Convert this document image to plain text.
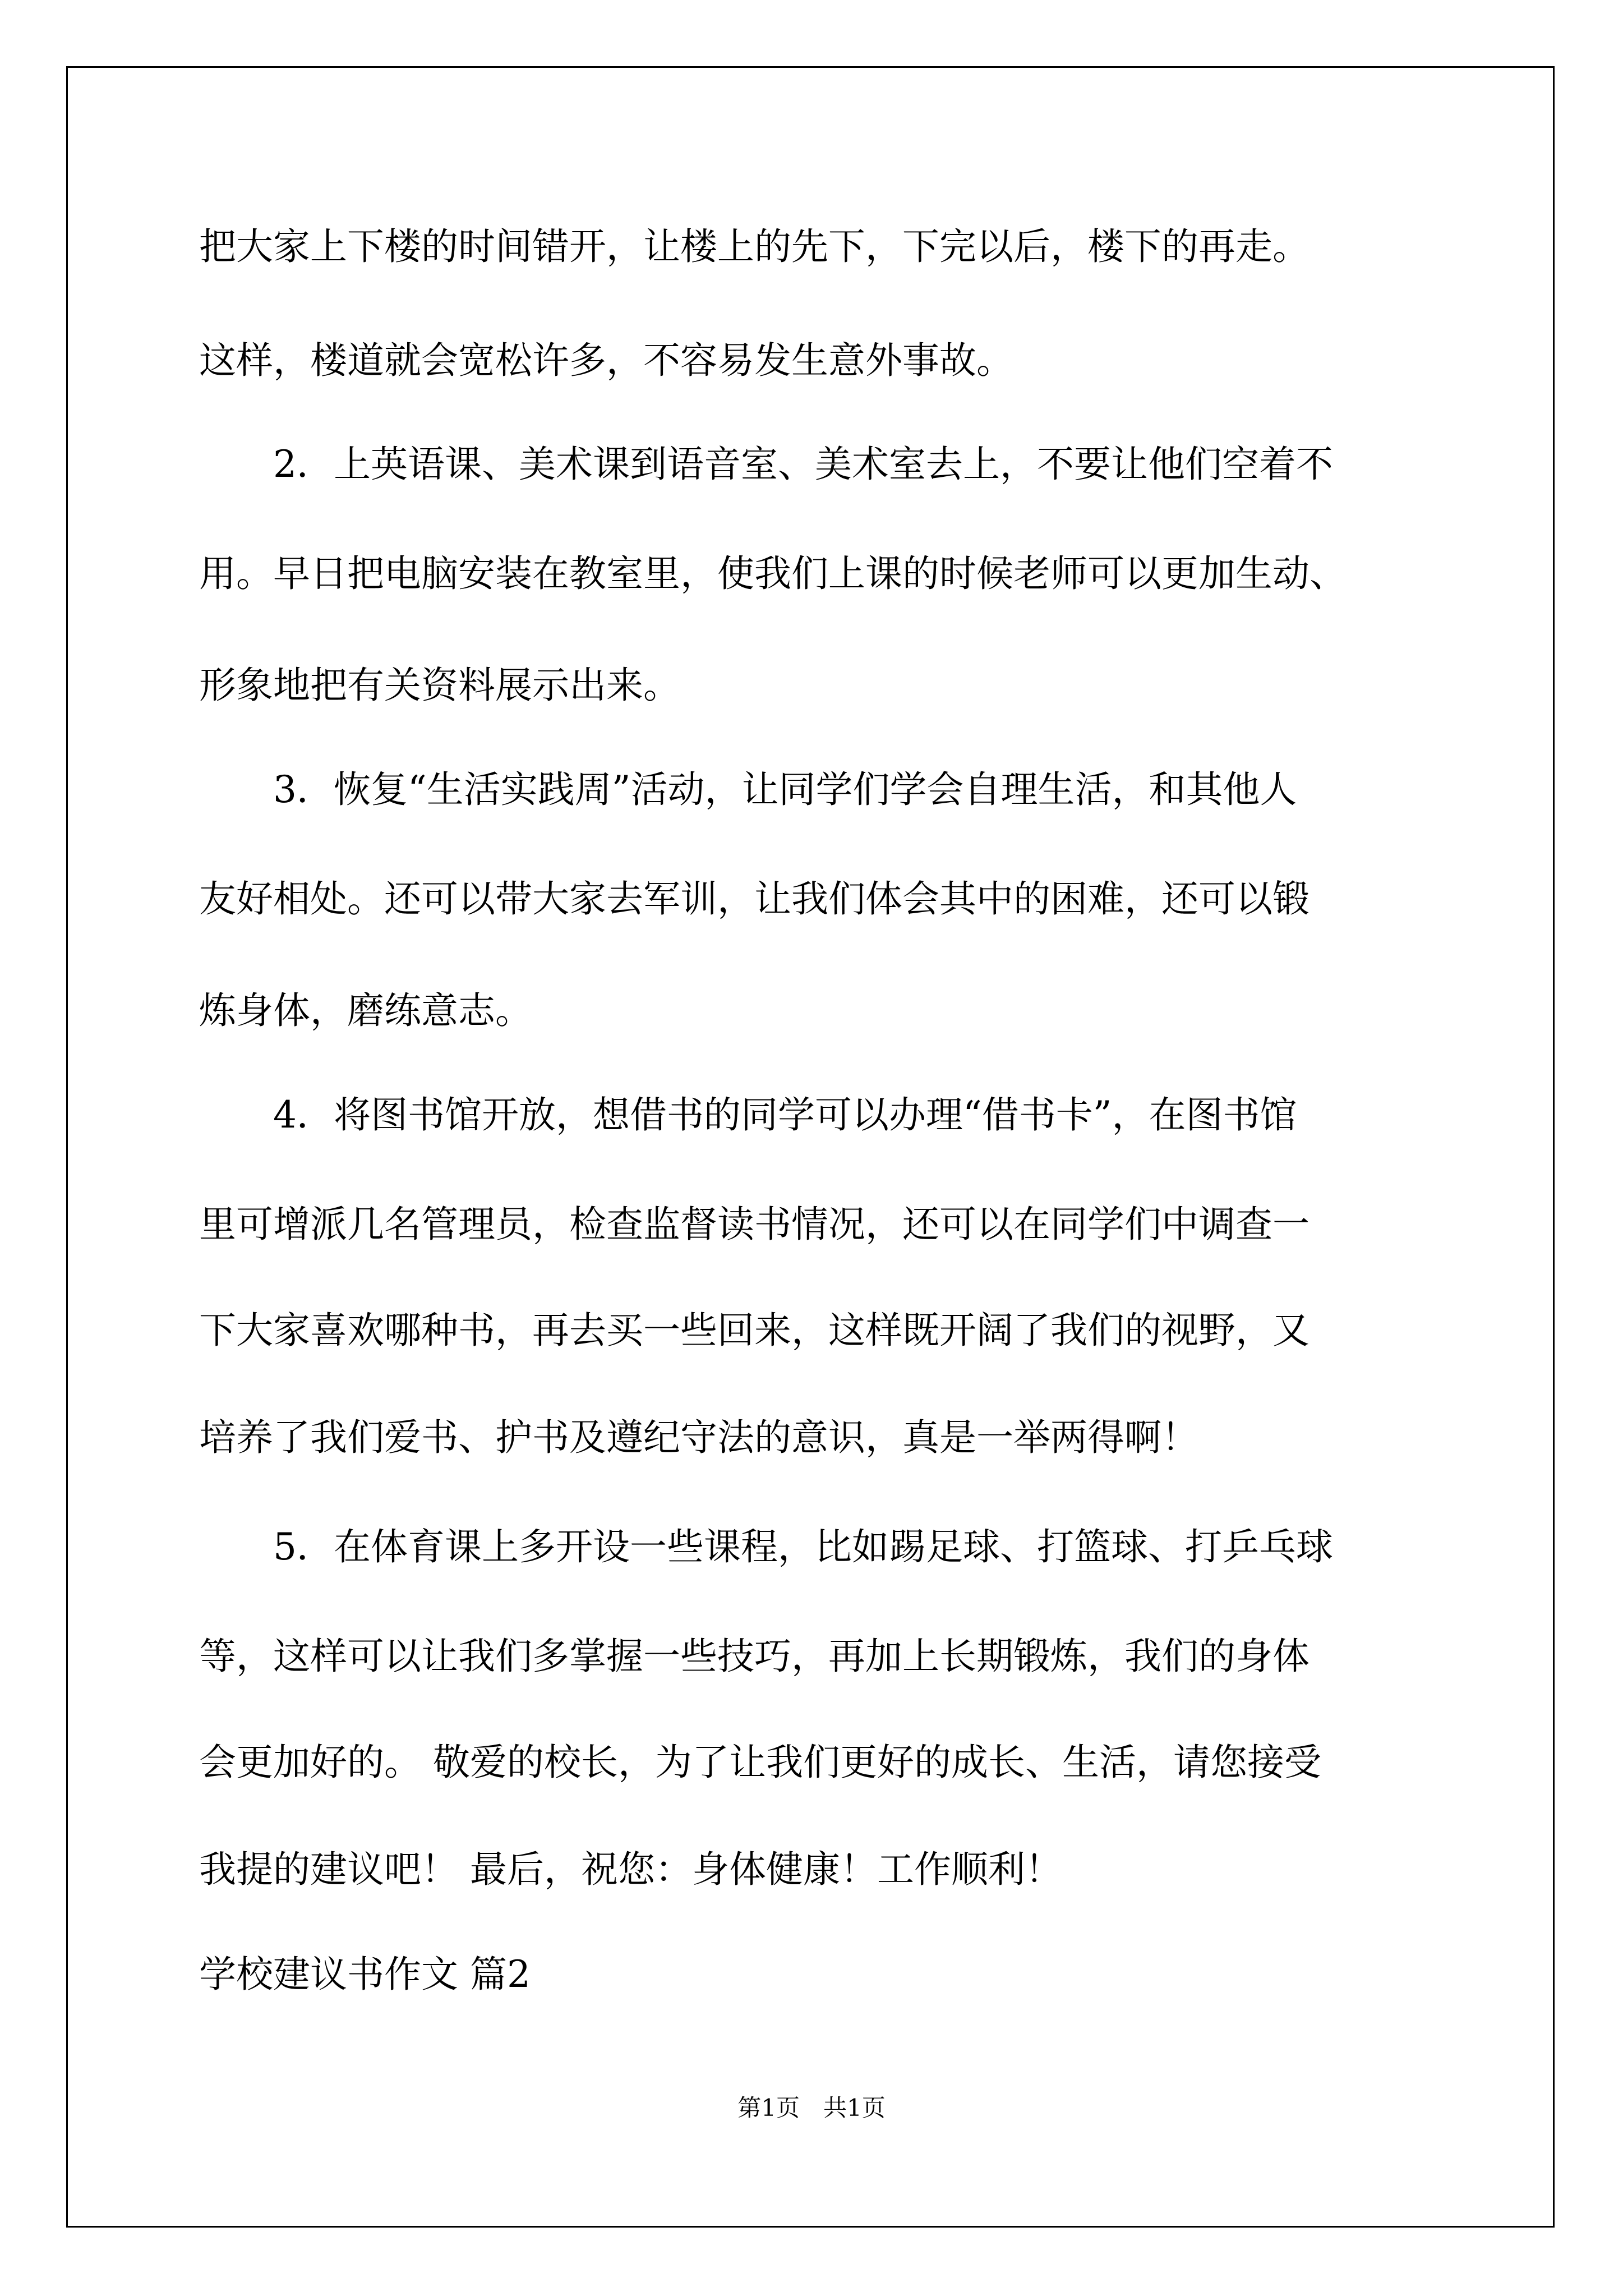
把大家上下楼的时间错开，让楼上的先下，下完以后，楼下的再走。
这样，楼道就会宽松许多，不容易发生意外事故。
　　2．上英语课、美术课到语音室、美术室去上，不要让他们空着不
用。早日把电脑安装在教室里，使我们上课的时候老师可以更加生动、
形象地把有关资料展示出来。
　　3．恢复“生活实践周”活动，让同学们学会自理生活，和其他人
友好相处。还可以带大家去军训，让我们体会其中的困难，还可以锻
炼身体，磨练意志。
　　4．将图书馆开放，想借书的同学可以办理“借书卡”，在图书馆
里可增派几名管理员，检查监督读书情况，还可以在同学们中调查一
下大家喜欢哪种书，再去买一些回来，这样既开阔了我们的视野，又
培养了我们爱书、护书及遵纪守法的意识，真是一举两得啊！
　　5．在体育课上多开设一些课程，比如踢足球、打篮球、打乒乓球
等，这样可以让我们多掌握一些技巧，再加上长期锻炼，我们的身体
会更加好的。 敬爱的校长，为了让我们更好的成长、生活，请您接受
我提的建议吧！ 最后，祝您：身体健康！工作顺利！
学校建议书作文 篇2
第1页　共1页
